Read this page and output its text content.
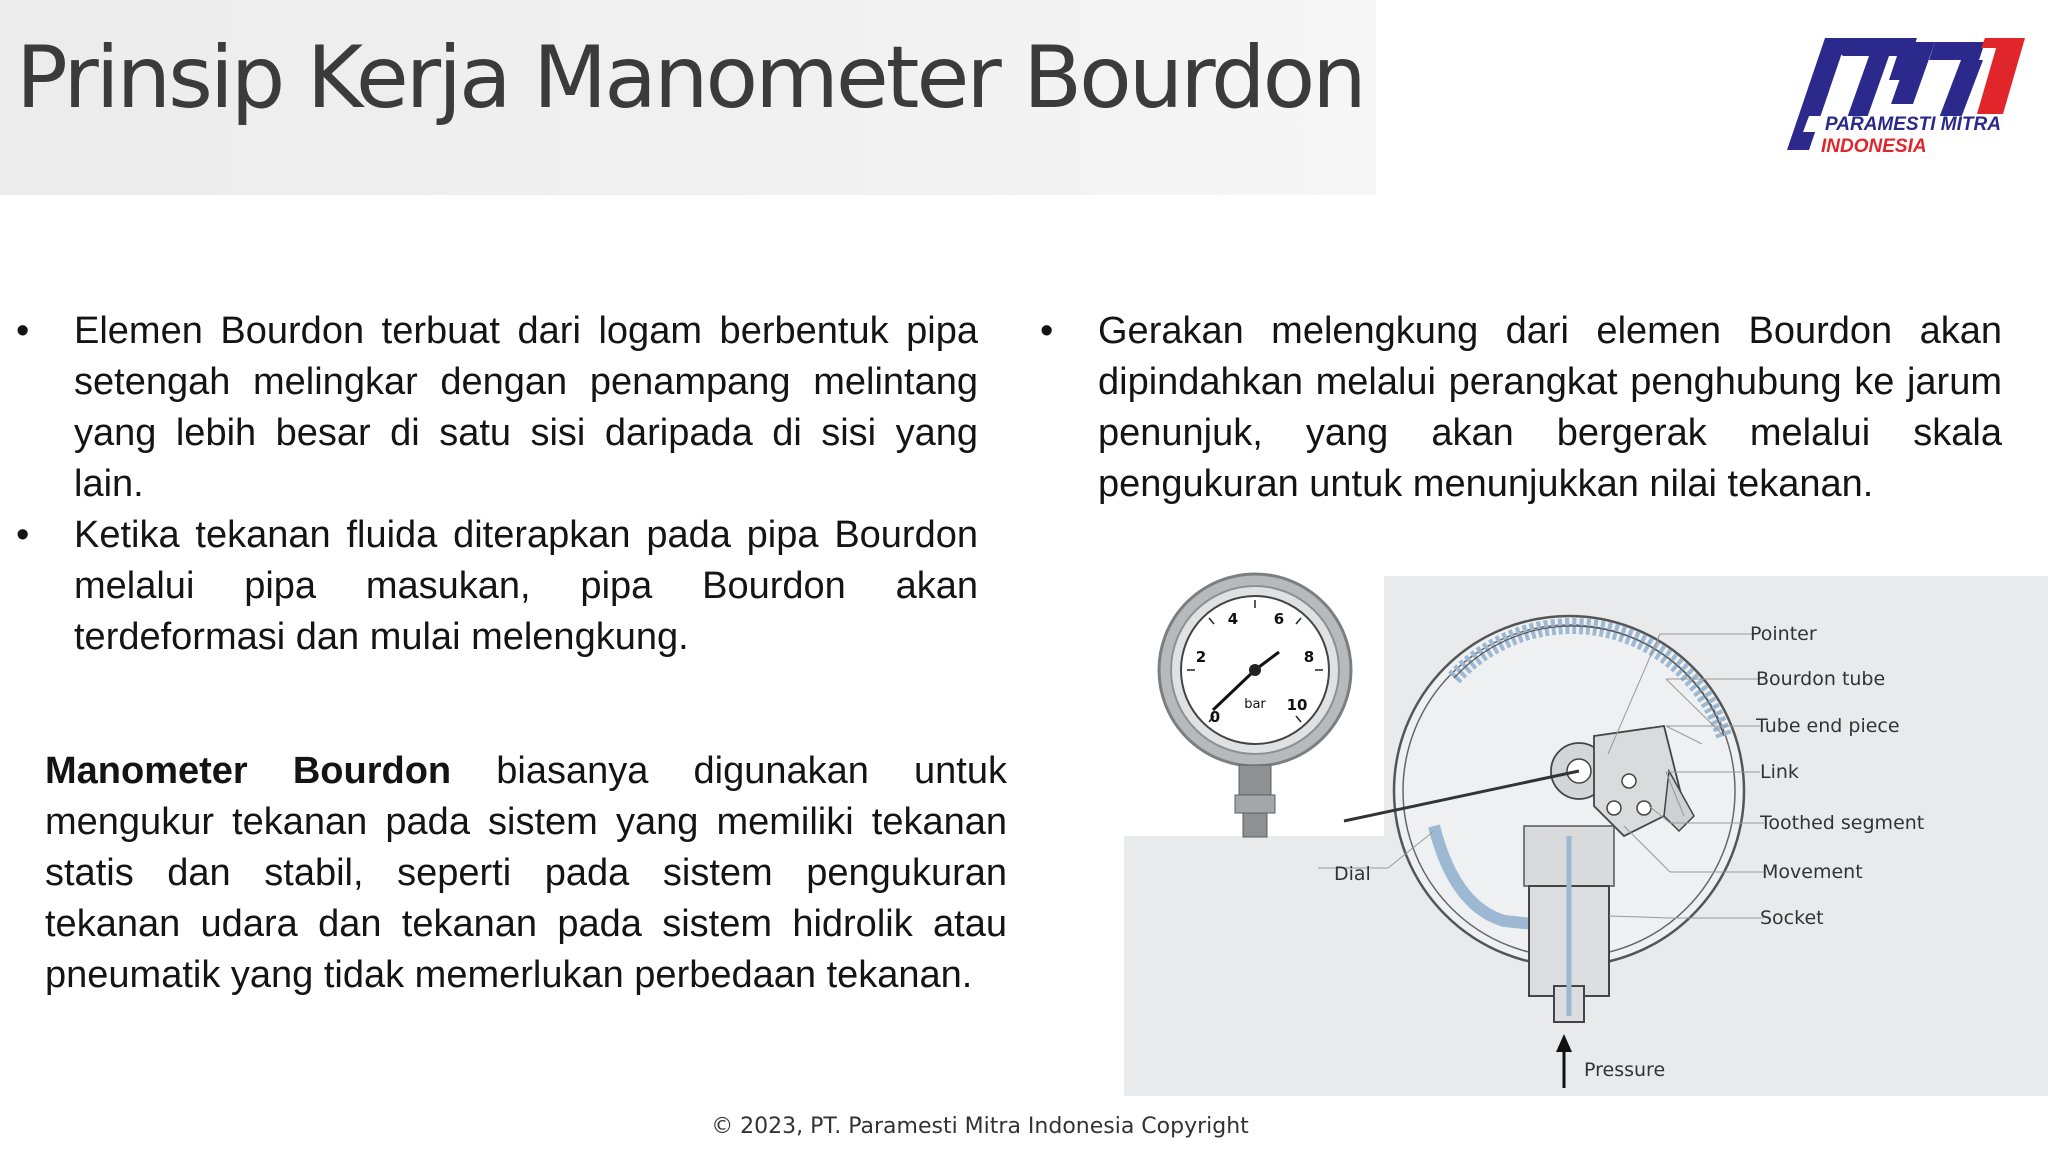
Prinsip Kerja Manometer Bourdon	PARAMESTI MITRA
INDONESIA
• Elemen Bourdon terbuat dari logam berbentuk pipa setengah melingkar dengan penampang melintang yang lebih besar di satu sisi daripada di sisi yang lain.
• Ketika tekanan fluida diterapkan pada pipa Bourdon melalui pipa masukan, pipa Bourdon akan terdeformasi dan mulai melengkung.
• Gerakan melengkung dari elemen Bourdon akan dipindahkan melalui perangkat penghubung ke jarum penunjuk, yang akan bergerak melalui skala pengukuran untuk menunjukkan nilai tekanan.

Manometer Bourdon biasanya digunakan untuk mengukur tekanan pada sistem yang memiliki tekanan statis dan stabil, seperti pada sistem pengukuran tekanan udara dan tekanan pada sistem hidrolik atau pneumatik yang tidak memerlukan perbedaan tekanan.

Pointer
Bourdon tube
Tube end piece
Link
Toothed segment
Movement
Socket
Dial
Pressure
0
2
4 6
8
10
bar
© 2023, PT. Paramesti Mitra Indonesia Copyright
